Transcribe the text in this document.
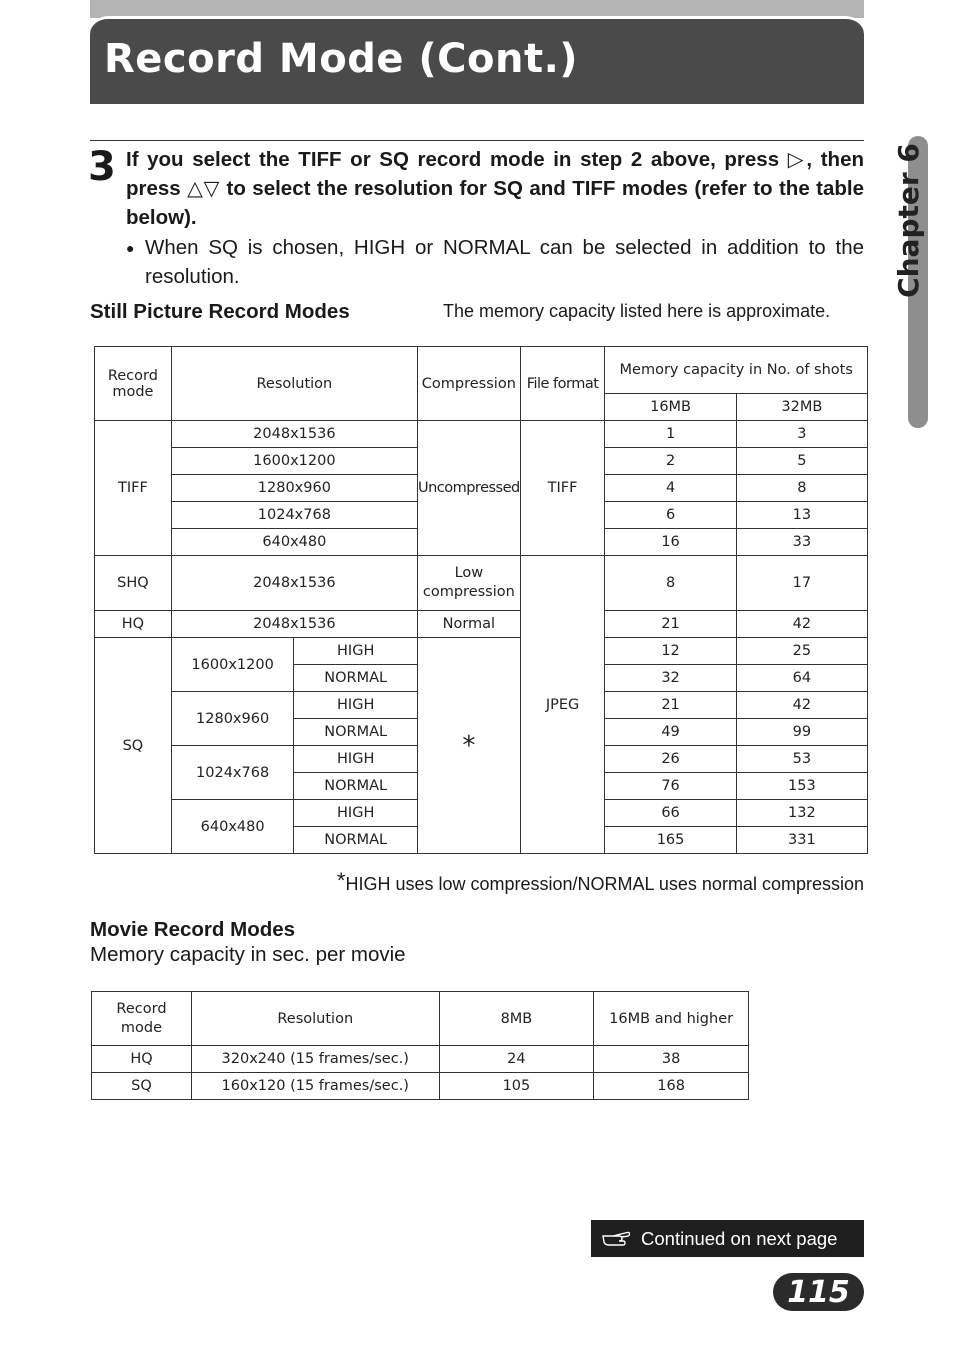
Record Mode (Cont.)
Chapter 6
3 If you select the TIFF or SQ record mode in step 2 above, press ▷, then press △▽ to select the resolution for SQ and TIFF modes (refer to the table below).
● When SQ is chosen, HIGH or NORMAL can be selected in addition to the resolution.
Still Picture Record Modes	The memory capacity listed here is approximate.
Record mode	Resolution		Compression	File format	Memory capacity in No. of shots	
					16MB	32MB
TIFF	2048x1536		Uncompressed	TIFF	1	3
	1600x1200				2	5
	1280x960				4	8
	1024x768				6	13
	640x480				16	33
SHQ	2048x1536		Low compression	JPEG	8	17
HQ	2048x1536		Normal		21	42
SQ	1600x1200	HIGH	*		12	25
		NORMAL			32	64
	1280x960	HIGH			21	42
		NORMAL			49	99
	1024x768	HIGH			26	53
		NORMAL			76	153
	640x480	HIGH			66	132
		NORMAL			165	331
*HIGH uses low compression/NORMAL uses normal compression
Movie Record Modes
Memory capacity in sec. per movie
Record mode	Resolution	8MB	16MB and higher
HQ	320x240 (15 frames/sec.)	24	38
SQ	160x120 (15 frames/sec.)	105	168
Continued on next page
115
